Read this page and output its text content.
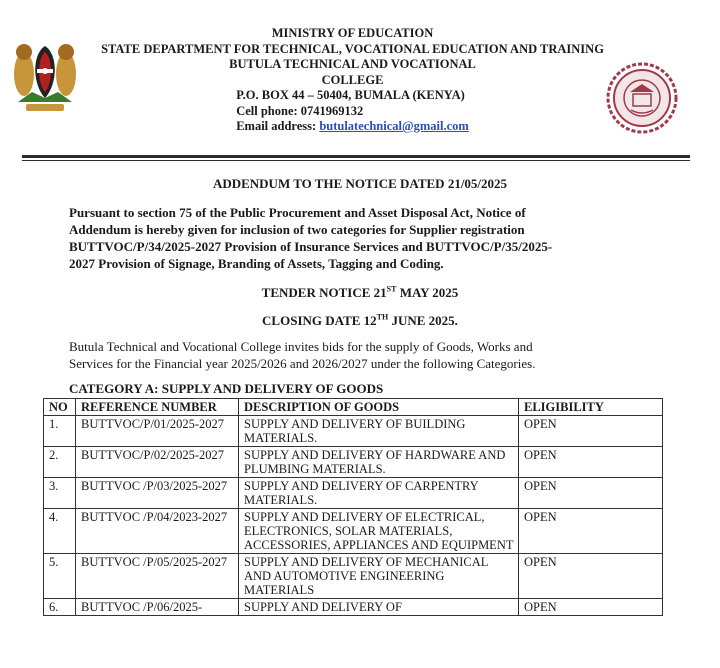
MINISTRY OF EDUCATION
STATE DEPARTMENT FOR TECHNICAL, VOCATIONAL EDUCATION AND TRAINING
BUTULA TECHNICAL AND VOCATIONAL
COLLEGE
P.O. BOX 44 – 50404, BUMALA (KENYA)
Cell phone: 0741969132
Email address: butulatechnical@gmail.com
ADDENDUM TO THE NOTICE DATED 21/05/2025
Pursuant to section 75 of the Public Procurement and Asset Disposal Act, Notice of
Addendum is hereby given for inclusion of two categories for Supplier registration
BUTTVOC/P/34/2025-2027 Provision of Insurance Services and BUTTVOC/P/35/2025-
2027 Provision of Signage, Branding of Assets, Tagging and Coding.
TENDER NOTICE 21ST MAY 2025
CLOSING DATE 12TH JUNE 2025.
Butula Technical and Vocational College invites bids for the supply of Goods, Works and
Services for the Financial year 2025/2026 and 2026/2027 under the following Categories.
CATEGORY A: SUPPLY AND DELIVERY OF GOODS
NO	REFERENCE NUMBER	DESCRIPTION OF GOODS	ELIGIBILITY
1.	BUTTVOC/P/01/2025-2027	SUPPLY AND DELIVERY OF BUILDING MATERIALS.	OPEN
2.	BUTTVOC/P/02/2025-2027	SUPPLY AND DELIVERY OF HARDWARE AND PLUMBING MATERIALS.	OPEN
3.	BUTTVOC /P/03/2025-2027	SUPPLY AND DELIVERY OF CARPENTRY MATERIALS.	OPEN
4.	BUTTVOC /P/04/2023-2027	SUPPLY AND DELIVERY OF ELECTRICAL, ELECTRONICS, SOLAR MATERIALS, ACCESSORIES, APPLIANCES AND EQUIPMENT	OPEN
5.	BUTTVOC /P/05/2025-2027	SUPPLY AND DELIVERY OF MECHANICAL AND AUTOMOTIVE ENGINEERING MATERIALS	OPEN
6.	BUTTVOC /P/06/2025-	SUPPLY AND DELIVERY OF	OPEN
